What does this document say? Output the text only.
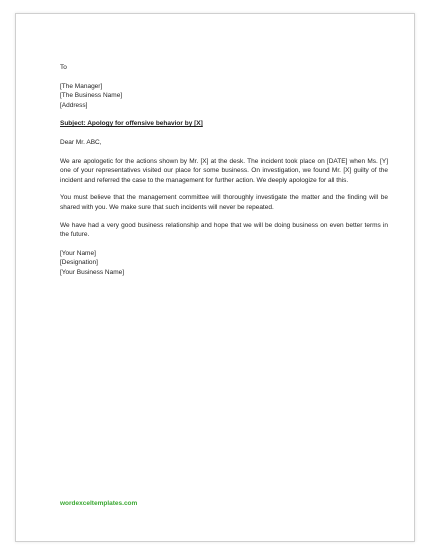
To
[The Manager]
[The Business Name]
[Address]
Subject: Apology for offensive behavior by [X]
Dear Mr. ABC,

We are apologetic for the actions shown by Mr. [X] at the desk. The incident took place on [DATE] when Ms. [Y] one of your representatives visited our place for some business. On investigation, we found Mr. [X] guilty of the incident and referred the case to the management for further action. We deeply apologize for all this.

You must believe that the management committee will thoroughly investigate the matter and the finding will be shared with you. We make sure that such incidents will never be repeated.

We have had a very good business relationship and hope that we will be doing business on even better terms in the future.

[Your Name]
[Designation]
[Your Business Name]
wordexceltemplates.com
